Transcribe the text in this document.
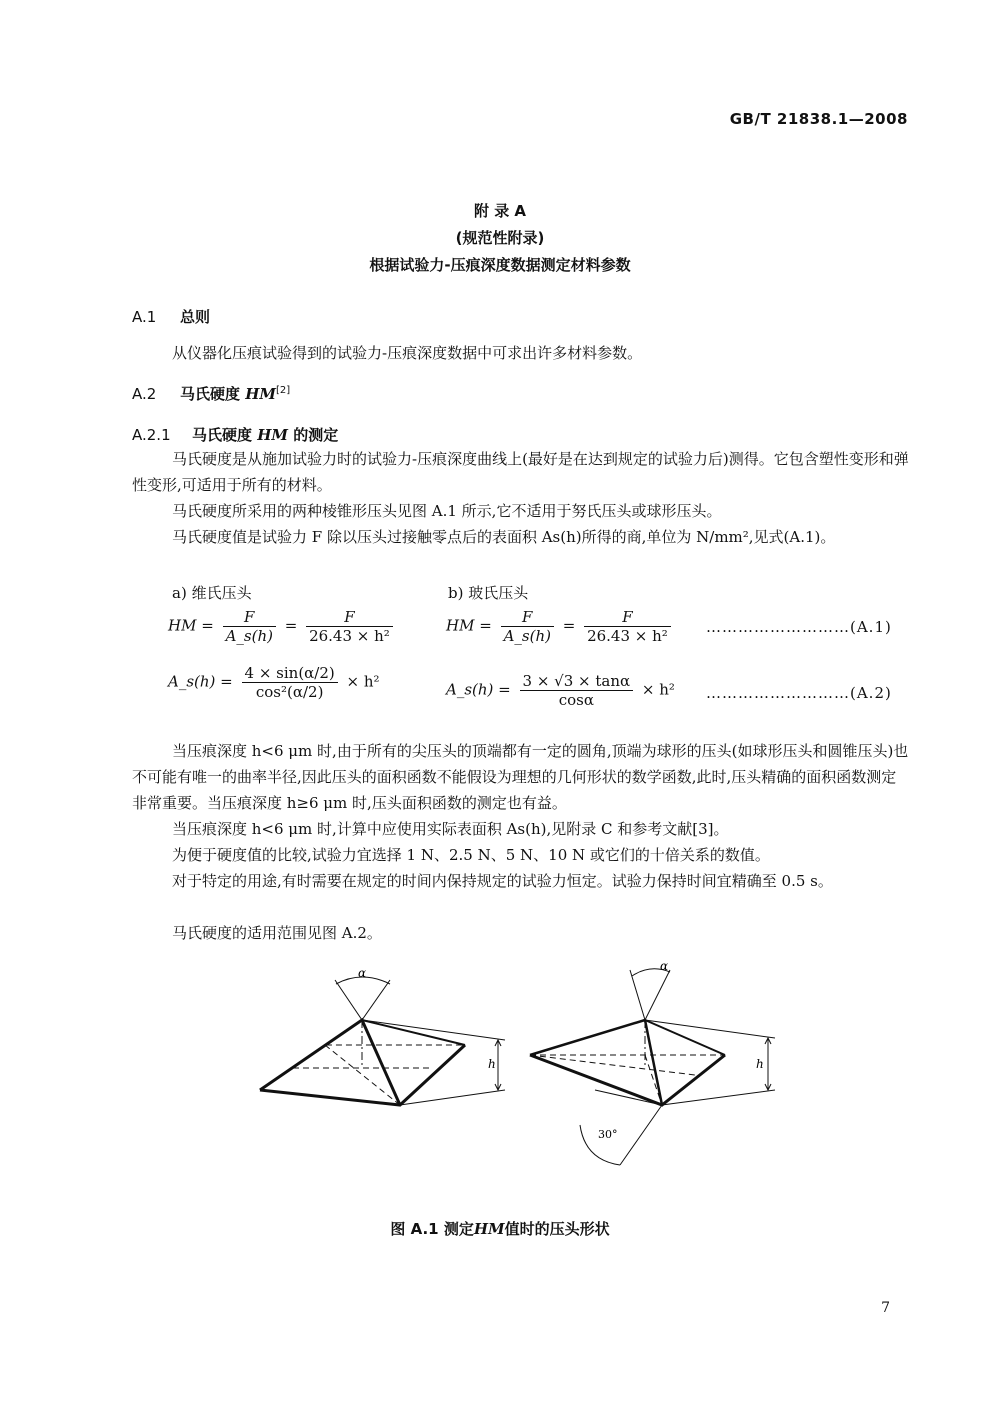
GB/T 21838.1—2008
附 录 A
(规范性附录)
根据试验力-压痕深度数据测定材料参数
A.1 总则
从仪器化压痕试验得到的试验力-压痕深度数据中可求出许多材料参数。
A.2 马氏硬度 HM[2]
A.2.1 马氏硬度 HM 的测定
马氏硬度是从施加试验力时的试验力-压痕深度曲线上(最好是在达到规定的试验力后)测得。它包含塑性变形和弹性变形,可适用于所有的材料。
马氏硬度所采用的两种棱锥形压头见图 A.1 所示,它不适用于努氏压头或球形压头。
马氏硬度值是试验力 F 除以压头过接触零点后的表面积 As(h)所得的商,单位为 N/mm²,见式(A.1)。
a) 维氏压头	b) 玻氏压头
HM = $\frac{F}{A\_s(h)} = \frac{F}{\text{26.43 × h²}}$	HM = $\frac{F}{A\_s(h)} = \frac{F}{\text{26.43 × h²}}$ ………………………(A.1)
A_s(h) = $\frac{4 \times \sin(\alpha/2)}{\text{cos²(α/2)}} \times h^2$	A_s(h) = $\frac{3 \times √3 \times \tan\alpha}{\cos\alpha} \times h^2$ ………………………(A.2)
当压痕深度 h<6 μm 时,由于所有的尖压头的顶端都有一定的圆角,顶端为球形的压头(如球形压头和圆锥压头)也不可能有唯一的曲率半径,因此压头的面积函数不能假设为理想的几何形状的数学函数,此时,压头精确的面积函数测定非常重要。当压痕深度 h≥6 μm 时,压头面积函数的测定也有益。
当压痕深度 h<6 μm 时,计算中应使用实际表面积 As(h),见附录 C 和参考文献[3]。
为便于硬度值的比较,试验力宜选择 1 N、2.5 N、5 N、10 N 或它们的十倍关系的数值。
对于特定的用途,有时需要在规定的时间内保持规定的试验力恒定。试验力保持时间宜精确至 0.5 s。
马氏硬度的适用范围见图 A.2。
α
h
α
h
30°
图 A.1 测定HM值时的压头形状
7
